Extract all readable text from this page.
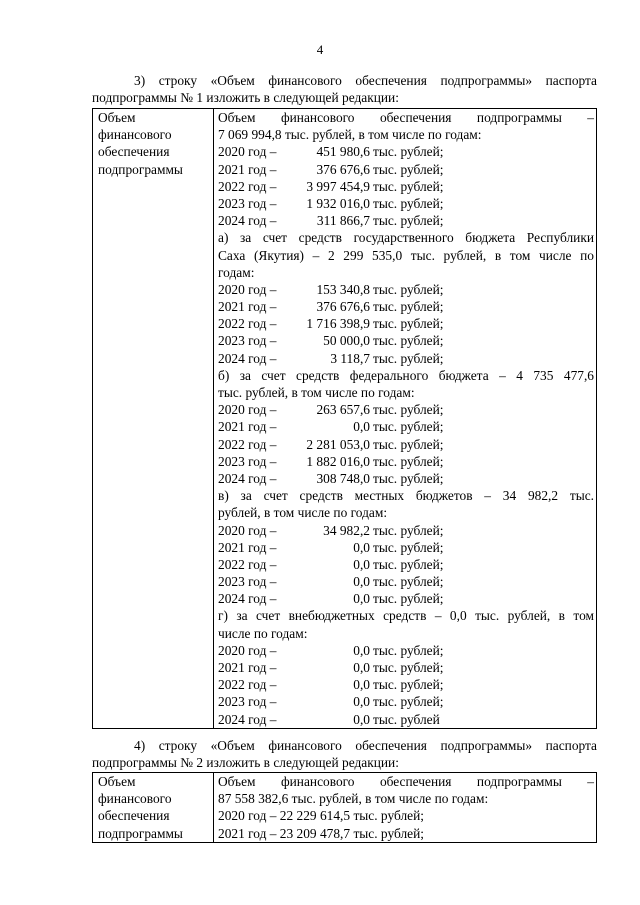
4
3) строку «Объем финансового обеспечения подпрограммы» паспорта
подпрограммы № 1 изложить в следующей редакции:
Объем
финансового
обеспечения
подпрограммы

Объем финансового обеспечения подпрограммы –
7 069 994,8 тыс. рублей, в том числе по годам:
2020 год –	451 980,6 тыс. рублей;
2021 год –	376 676,6 тыс. рублей;
2022 год – 3 997 454,9 тыс. рублей;
2023 год – 1 932 016,0 тыс. рублей;
2024 год –	311 866,7 тыс. рублей;
а) за счет средств государственного бюджета Республики
Саха (Якутия) – 2 299 535,0 тыс. рублей, в том числе по
годам:
2020 год –	153 340,8 тыс. рублей;
2021 год –	376 676,6 тыс. рублей;
2022 год – 1 716 398,9 тыс. рублей;
2023 год –	50 000,0 тыс. рублей;
2024 год –	3 118,7 тыс. рублей;
б) за счет средств федерального бюджета – 4 735 477,6
тыс. рублей, в том числе по годам:
2020 год –	263 657,6 тыс. рублей;
2021 год –	0,0 тыс. рублей;
2022 год – 2 281 053,0 тыс. рублей;
2023 год – 1 882 016,0 тыс. рублей;
2024 год –	308 748,0 тыс. рублей;
в) за счет средств местных бюджетов – 34 982,2 тыс.
рублей, в том числе по годам:
2020 год –	34 982,2 тыс. рублей;
2021 год –	0,0 тыс. рублей;
2022 год –	0,0 тыс. рублей;
2023 год –	0,0 тыс. рублей;
2024 год –	0,0 тыс. рублей;
г) за счет внебюджетных средств – 0,0 тыс. рублей, в том
числе по годам:
2020 год –	0,0 тыс. рублей;
2021 год –	0,0 тыс. рублей;
2022 год –	0,0 тыс. рублей;
2023 год –	0,0 тыс. рублей;
2024 год –	0,0 тыс. рублей
4) строку «Объем финансового обеспечения подпрограммы» паспорта
подпрограммы № 2 изложить в следующей редакции:
Объем
финансового
обеспечения
подпрограммы

Объем финансового обеспечения подпрограммы –
87 558 382,6 тыс. рублей, в том числе по годам:
2020 год – 22 229 614,5 тыс. рублей;
2021 год – 23 209 478,7 тыс. рублей;
